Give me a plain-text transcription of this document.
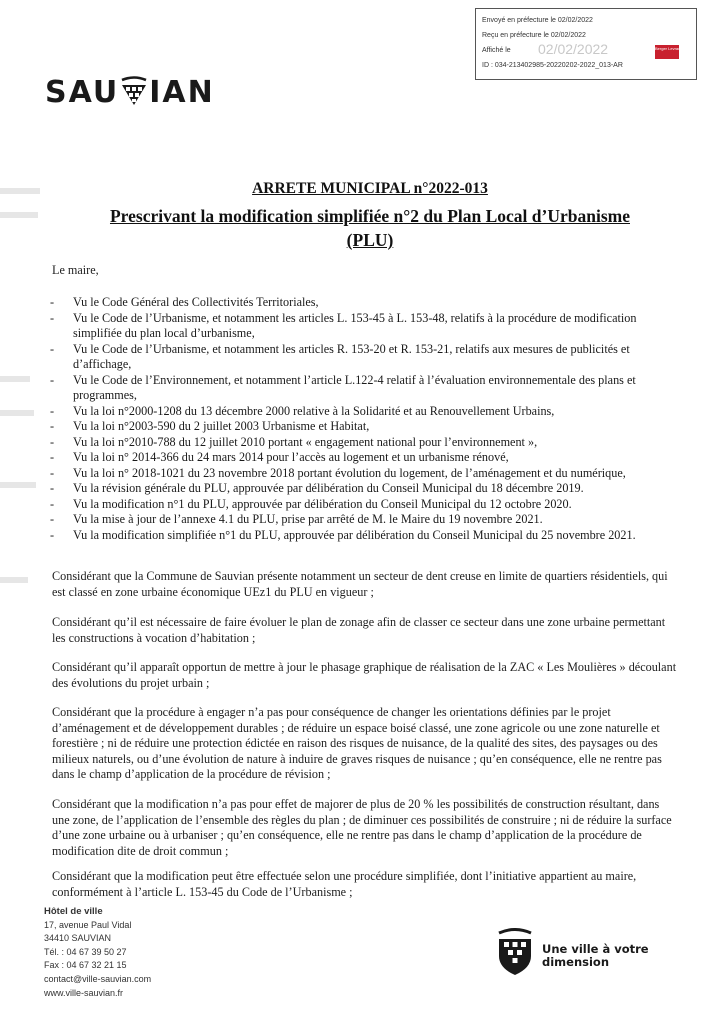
Envoyé en préfecture le 02/02/2022
Reçu en préfecture le 02/02/2022
Affiché le 02/02/2022	Berger Levrault
ID : 034-213402985-20220202-2022_013-AR
SAU IAN
ARRETE MUNICIPAL n°2022-013
Prescrivant la modification simplifiée n°2 du Plan Local d’Urbanisme
(PLU)
Le maire,
-	Vu le Code Général des Collectivités Territoriales,
-	Vu le Code de l’Urbanisme, et notamment les articles L. 153-45 à L. 153-48, relatifs à la procédure de modification simplifiée du plan local d’urbanisme,
-	Vu le Code de l’Urbanisme, et notamment les articles R. 153-20 et R. 153-21, relatifs aux mesures de publicités et d’affichage,
-	Vu le Code de l’Environnement, et notamment l’article L.122-4 relatif à l’évaluation environnementale des plans et programmes,
-	Vu la loi n°2000-1208 du 13 décembre 2000 relative à la Solidarité et au Renouvellement Urbains,
-	Vu la loi n°2003-590 du 2 juillet 2003 Urbanisme et Habitat,
-	Vu la loi n°2010-788 du 12 juillet 2010 portant « engagement national pour l’environnement »,
-	Vu la loi n° 2014-366 du 24 mars 2014 pour l’accès au logement et un urbanisme rénové,
-	Vu la loi n° 2018-1021 du 23 novembre 2018 portant évolution du logement, de l’aménagement et du numérique,
-	Vu la révision générale du PLU, approuvée par délibération du Conseil Municipal du 18 décembre 2019.
-	Vu la modification n°1 du PLU, approuvée par délibération du Conseil Municipal du 12 octobre 2020.
-	Vu la mise à jour de l’annexe 4.1 du PLU, prise par arrêté de M. le Maire du 19 novembre 2021.
-	Vu la modification simplifiée n°1 du PLU, approuvée par délibération du Conseil Municipal du 25 novembre 2021.
Considérant que la Commune de Sauvian présente notamment un secteur de dent creuse en limite de quartiers résidentiels, qui est classé en zone urbaine économique UEz1 du PLU en vigueur ;
Considérant qu’il est nécessaire de faire évoluer le plan de zonage afin de classer ce secteur dans une zone urbaine permettant les constructions à vocation d’habitation ;
Considérant qu’il apparaît opportun de mettre à jour le phasage graphique de réalisation de la ZAC « Les Moulières » découlant des évolutions du projet urbain ;
Considérant que la procédure à engager n’a pas pour conséquence de changer les orientations définies par le projet d’aménagement et de développement durables ; de réduire un espace boisé classé, une zone agricole ou une zone naturelle et forestière ; ni de réduire une protection édictée en raison des risques de nuisance, de la qualité des sites, des paysages ou des milieux naturels, ou d’une évolution de nature à induire de graves risques de nuisance ; qu’en conséquence, elle ne rentre pas dans le champ d’application de la procédure de révision ;
Considérant que la modification n’a pas pour effet de majorer de plus de 20 % les possibilités de construction résultant, dans une zone, de l’application de l’ensemble des règles du plan ; de diminuer ces possibilités de construire ; ni de réduire la surface d’une zone urbaine ou à urbaniser ; qu’en conséquence, elle ne rentre pas dans le champ d’application de la procédure de modification dite de droit commun ;
Considérant que la modification peut être effectuée selon une procédure simplifiée, dont l’initiative appartient au maire, conformément à l’article L. 153-45 du Code de l’Urbanisme ;
Hôtel de ville
17, avenue Paul Vidal
34410 SAUVIAN
Tél. : 04 67 39 50 27
Fax : 04 67 32 21 15
contact@ville-sauvian.com
www.ville-sauvian.fr
Une ville à votre
dimension
